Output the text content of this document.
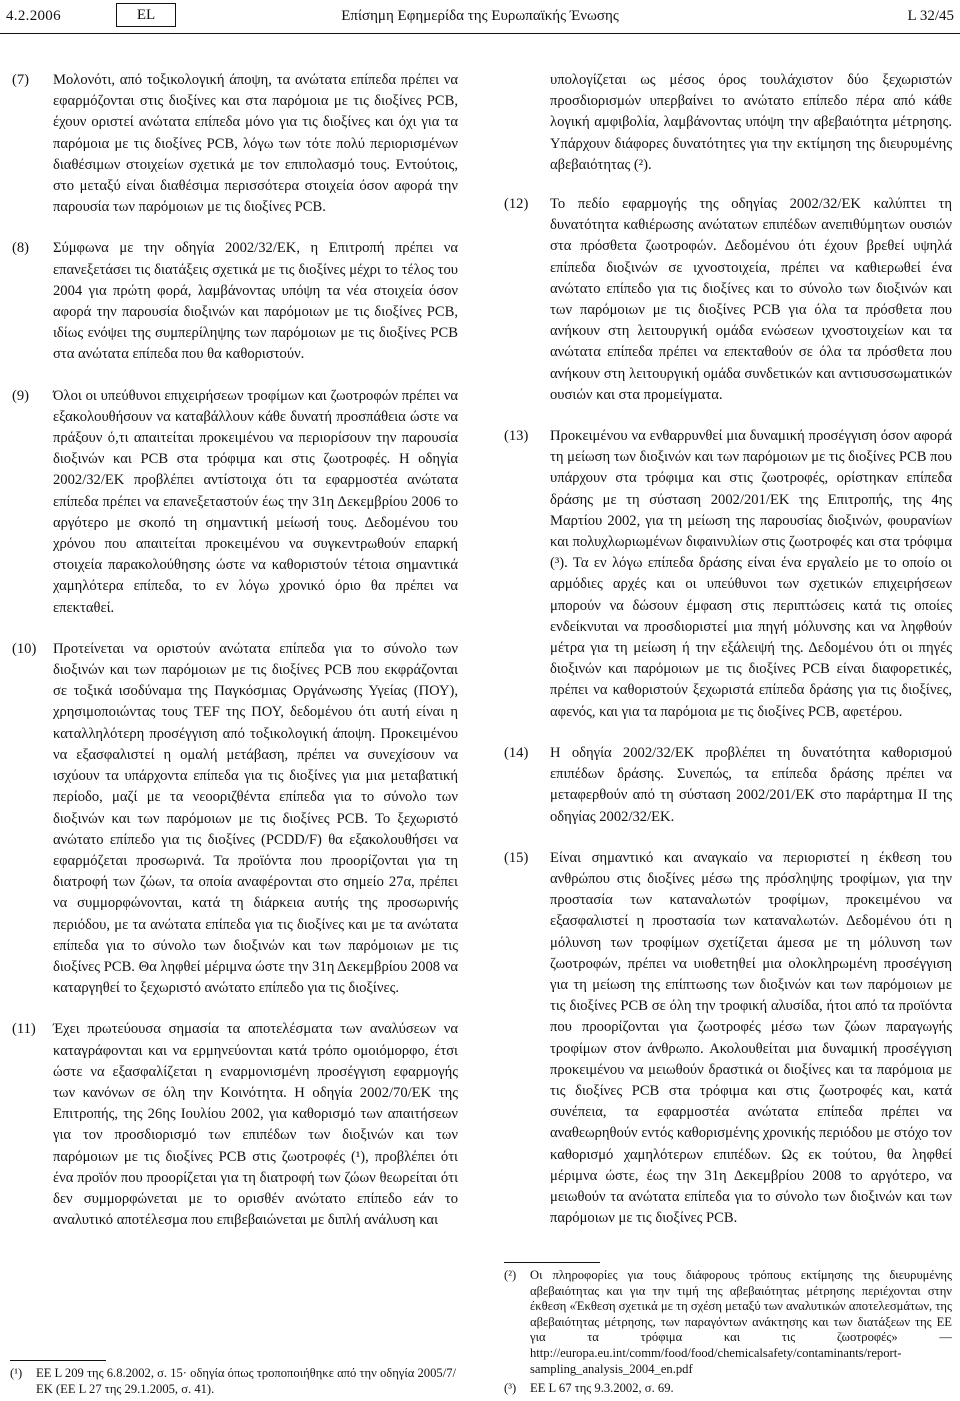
4.2.2006	EL	Επίσημη Εφημερίδα της Ευρωπαϊκής Ένωσης	L 32/45
(7)	Μολονότι, από τοξικολογική άποψη, τα ανώτατα επίπεδα πρέπει να εφαρμόζονται στις διοξίνες και στα παρόμοια με τις διοξίνες PCB, έχουν οριστεί ανώτατα επίπεδα μόνο για τις διοξίνες και όχι για τα παρόμοια με τις διοξίνες PCB, λόγω των τότε πολύ περιορισμένων διαθέσιμων στοιχείων σχετικά με τον επιπολασμό τους. Εντούτοις, στο μεταξύ είναι διαθέσιμα περισσότερα στοιχεία όσον αφορά την παρουσία των παρόμοιων με τις διοξίνες PCB.
(8)	Σύμφωνα με την οδηγία 2002/32/ΕΚ, η Επιτροπή πρέπει να επανεξετάσει τις διατάξεις σχετικά με τις διοξίνες μέχρι το τέλος του 2004 για πρώτη φορά, λαμβάνοντας υπόψη τα νέα στοιχεία όσον αφορά την παρουσία διοξινών και παρόμοιων με τις διοξίνες PCB, ιδίως ενόψει της συμπερίληψης των παρόμοιων με τις διοξίνες PCB στα ανώτατα επίπεδα που θα καθοριστούν.
(9)	Όλοι οι υπεύθυνοι επιχειρήσεων τροφίμων και ζωοτροφών πρέπει να εξακολουθήσουν να καταβάλλουν κάθε δυνατή προσπάθεια ώστε να πράξουν ό,τι απαιτείται προκειμένου να περιορίσουν την παρουσία διοξινών και PCB στα τρόφιμα και στις ζωοτροφές. Η οδηγία 2002/32/ΕΚ προβλέπει αντίστοιχα ότι τα εφαρμοστέα ανώτατα επίπεδα πρέπει να επανεξεταστούν έως την 31η Δεκεμβρίου 2006 το αργότερο με σκοπό τη σημαντική μείωσή τους. Δεδομένου του χρόνου που απαιτείται προκειμένου να συγκεντρωθούν επαρκή στοιχεία παρακολούθησης ώστε να καθοριστούν τέτοια σημαντικά χαμηλότερα επίπεδα, το εν λόγω χρονικό όριο θα πρέπει να επεκταθεί.
(10)	Προτείνεται να οριστούν ανώτατα επίπεδα για το σύνολο των διοξινών και των παρόμοιων με τις διοξίνες PCB που εκφράζονται σε τοξικά ισοδύναμα της Παγκόσμιας Οργάνωσης Υγείας (ΠΟΥ), χρησιμοποιώντας τους TEF της ΠΟΥ, δεδομένου ότι αυτή είναι η καταλληλότερη προσέγγιση από τοξικολογική άποψη. Προκειμένου να εξασφαλιστεί η ομαλή μετάβαση, πρέπει να συνεχίσουν να ισχύουν τα υπάρχοντα επίπεδα για τις διοξίνες για μια μεταβατική περίοδο, μαζί με τα νεοοριζθέντα επίπεδα για το σύνολο των διοξινών και των παρόμοιων με τις διοξίνες PCB. Το ξεχωριστό ανώτατο επίπεδο για τις διοξίνες (PCDD/F) θα εξακολουθήσει να εφαρμόζεται προσωρινά. Τα προϊόντα που προορίζονται για τη διατροφή των ζώων, τα οποία αναφέρονται στο σημείο 27α, πρέπει να συμμορφώνονται, κατά τη διάρκεια αυτής της προσωρινής περιόδου, με τα ανώτατα επίπεδα για τις διοξίνες και με τα ανώτατα επίπεδα για το σύνολο των διοξινών και των παρόμοιων με τις διοξίνες PCB. Θα ληφθεί μέριμνα ώστε την 31η Δεκεμβρίου 2008 να καταργηθεί το ξεχωριστό ανώτατο επίπεδο για τις διοξίνες.
(11)	Έχει πρωτεύουσα σημασία τα αποτελέσματα των αναλύσεων να καταγράφονται και να ερμηνεύονται κατά τρόπο ομοιόμορφο, έτσι ώστε να εξασφαλίζεται η εναρμονισμένη προσέγγιση εφαρμογής των κανόνων σε όλη την Κοινότητα. Η οδηγία 2002/70/ΕΚ της Επιτροπής, της 26ης Ιουλίου 2002, για καθορισμό των απαιτήσεων για τον προσδιορισμό των επιπέδων των διοξινών και των παρόμοιων με τις διοξίνες PCB στις ζωοτροφές (¹), προβλέπει ότι ένα προϊόν που προορίζεται για τη διατροφή των ζώων θεωρείται ότι δεν συμμορφώνεται με το ορισθέν ανώτατο επίπεδο εάν το αναλυτικό αποτέλεσμα που επιβεβαιώνεται με διπλή ανάλυση και
(¹)	ΕΕ L 209 της 6.8.2002, σ. 15· οδηγία όπως τροποποιήθηκε από την οδηγία 2005/7/ΕΚ (ΕΕ L 27 της 29.1.2005, σ. 41).
υπολογίζεται ως μέσος όρος τουλάχιστον δύο ξεχωριστών προσδιορισμών υπερβαίνει το ανώτατο επίπεδο πέρα από κάθε λογική αμφιβολία, λαμβάνοντας υπόψη την αβεβαιότητα μέτρησης. Υπάρχουν διάφορες δυνατότητες για την εκτίμηση της διευρυμένης αβεβαιότητας (²).
(12)	Το πεδίο εφαρμογής της οδηγίας 2002/32/ΕΚ καλύπτει τη δυνατότητα καθιέρωσης ανώτατων επιπέδων ανεπιθύμητων ουσιών στα πρόσθετα ζωοτροφών. Δεδομένου ότι έχουν βρεθεί υψηλά επίπεδα διοξινών σε ιχνοστοιχεία, πρέπει να καθιερωθεί ένα ανώτατο επίπεδο για τις διοξίνες και το σύνολο των διοξινών και των παρόμοιων με τις διοξίνες PCB για όλα τα πρόσθετα που ανήκουν στη λειτουργική ομάδα ενώσεων ιχνοστοιχείων και τα ανώτατα επίπεδα πρέπει να επεκταθούν σε όλα τα πρόσθετα που ανήκουν στη λειτουργική ομάδα συνδετικών και αντισυσσωματικών ουσιών και στα προμείγματα.
(13)	Προκειμένου να ενθαρρυνθεί μια δυναμική προσέγγιση όσον αφορά τη μείωση των διοξινών και των παρόμοιων με τις διοξίνες PCB που υπάρχουν στα τρόφιμα και στις ζωοτροφές, ορίστηκαν επίπεδα δράσης με τη σύσταση 2002/201/ΕΚ της Επιτροπής, της 4ης Μαρτίου 2002, για τη μείωση της παρουσίας διοξινών, φουρανίων και πολυχλωριωμένων διφαινυλίων στις ζωοτροφές και στα τρόφιμα (³). Τα εν λόγω επίπεδα δράσης είναι ένα εργαλείο με το οποίο οι αρμόδιες αρχές και οι υπεύθυνοι των σχετικών επιχειρήσεων μπορούν να δώσουν έμφαση στις περιπτώσεις κατά τις οποίες ενδείκνυται να προσδιοριστεί μια πηγή μόλυνσης και να ληφθούν μέτρα για τη μείωση ή την εξάλειψή της. Δεδομένου ότι οι πηγές διοξινών και παρόμοιων με τις διοξίνες PCB είναι διαφορετικές, πρέπει να καθοριστούν ξεχωριστά επίπεδα δράσης για τις διοξίνες, αφενός, και για τα παρόμοια με τις διοξίνες PCB, αφετέρου.
(14)	Η οδηγία 2002/32/ΕΚ προβλέπει τη δυνατότητα καθορισμού επιπέδων δράσης. Συνεπώς, τα επίπεδα δράσης πρέπει να μεταφερθούν από τη σύσταση 2002/201/ΕΚ στο παράρτημα ΙΙ της οδηγίας 2002/32/ΕΚ.
(15)	Είναι σημαντικό και αναγκαίο να περιοριστεί η έκθεση του ανθρώπου στις διοξίνες μέσω της πρόσληψης τροφίμων, για την προστασία των καταναλωτών τροφίμων, προκειμένου να εξασφαλιστεί η προστασία των καταναλωτών. Δεδομένου ότι η μόλυνση των τροφίμων σχετίζεται άμεσα με τη μόλυνση των ζωοτροφών, πρέπει να υιοθετηθεί μια ολοκληρωμένη προσέγγιση για τη μείωση της επίπτωσης των διοξινών και των παρόμοιων με τις διοξίνες PCB σε όλη την τροφική αλυσίδα, ήτοι από τα προϊόντα που προορίζονται για ζωοτροφές μέσω των ζώων παραγωγής τροφίμων στον άνθρωπο. Ακολουθείται μια δυναμική προσέγγιση προκειμένου να μειωθούν δραστικά οι διοξίνες και τα παρόμοια με τις διοξίνες PCB στα τρόφιμα και στις ζωοτροφές και, κατά συνέπεια, τα εφαρμοστέα ανώτατα επίπεδα πρέπει να αναθεωρηθούν εντός καθορισμένης χρονικής περιόδου με στόχο τον καθορισμό χαμηλότερων επιπέδων. Ως εκ τούτου, θα ληφθεί μέριμνα ώστε, έως την 31η Δεκεμβρίου 2008 το αργότερο, να μειωθούν τα ανώτατα επίπεδα για το σύνολο των διοξινών και των παρόμοιων με τις διοξίνες PCB.
(²)	Οι πληροφορίες για τους διάφορους τρόπους εκτίμησης της διευρυμένης αβεβαιότητας και για την τιμή της αβεβαιότητας μέτρησης περιέχονται στην έκθεση «Έκθεση σχετικά με τη σχέση μεταξύ των αναλυτικών αποτελεσμάτων, της αβεβαιότητας μέτρησης, των παραγόντων ανάκτησης και των διατάξεων της ΕΕ για τα τρόφιμα και τις ζωοτροφές» — http://europa.eu.int/comm/food/food/chemicalsafety/contaminants/report-sampling_analysis_2004_en.pdf
(³)	ΕΕ L 67 της 9.3.2002, σ. 69.
